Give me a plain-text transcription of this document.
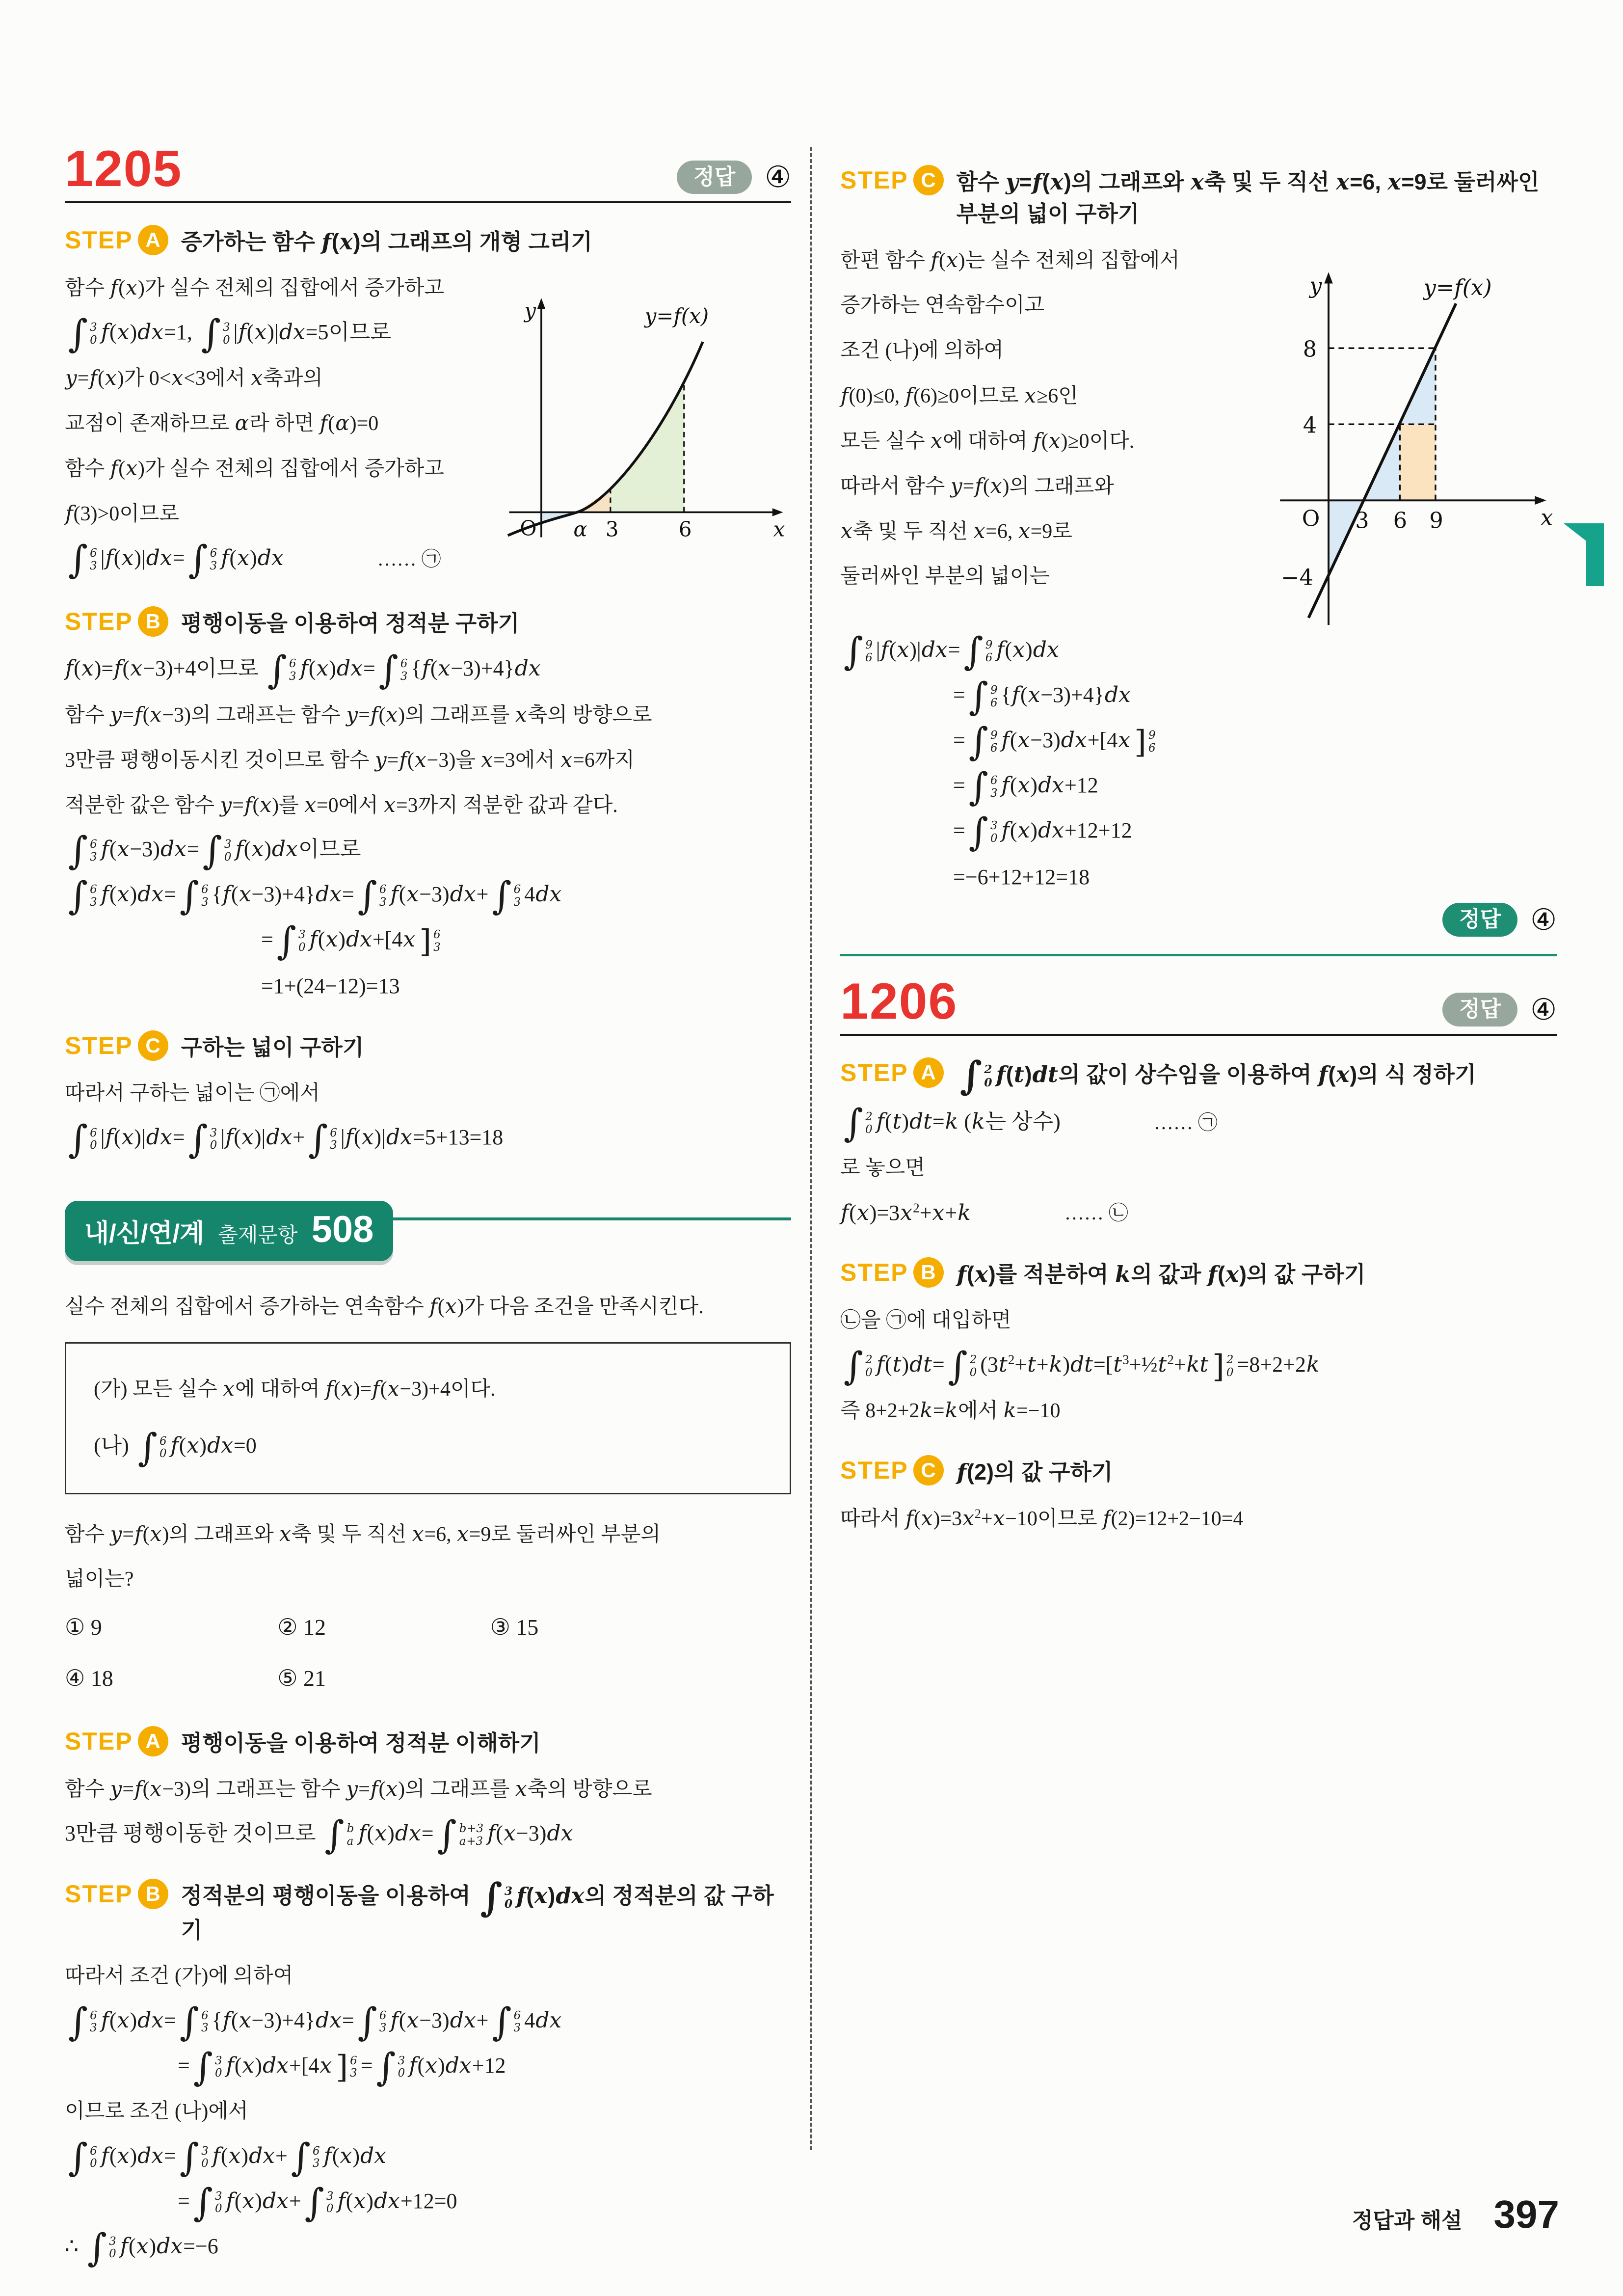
1205	정답	④
STEP A 증가하는 함수 f(x)의 그래프의 개형 그리기
함수 f(x)가 실수 전체의 집합에서 증가하고
∫ 3
0 f(x)dx=1, ∫ 3
0 |f(x)|dx=5이므로
y=f(x)가 0<x<3에서 x축과의
교점이 존재하므로 α라 하면 f(α)=0
함수 f(x)가 실수 전체의 집합에서 증가하고
f(3)>0이므로
∫ 6
3 |f(x)|dx= ∫ 6
3 f(x)dx	…… ㉠
y
x
O α 3	6
y=f(x)
STEP B 평행이동을 이용하여 정적분 구하기
f(x)=f(x−3)+4이므로 ∫ 6
3 f(x)dx= ∫ 6
3 {f(x−3)+4}dx
함수 y=f(x−3)의 그래프는 함수 y=f(x)의 그래프를 x축의 방향으로
3만큼 평행이동시킨 것이므로 함수 y=f(x−3)을 x=3에서 x=6까지
적분한 값은 함수 y=f(x)를 x=0에서 x=3까지 적분한 값과 같다.
∫ 6
3 f(x−3)dx= ∫ 3
0 f(x)dx이므로
∫ 6
3 f(x)dx= ∫ 6
3 {f(x−3)+4}dx= ∫ 6
3 f(x−3)dx+ ∫ 6
3 4dx
= ∫ 3
0 f(x)dx+[4x ] 6
3
=1+(24−12)=13
STEP C 구하는 넓이 구하기
따라서 구하는 넓이는 ㉠에서
∫ 6
0 |f(x)|dx= ∫ 3
0 |f(x)|dx+ ∫ 6
3 |f(x)|dx=5+13=18
내/신/연/계 출제문항 508
실수 전체의 집합에서 증가하는 연속함수 f(x)가 다음 조건을 만족시킨다.
(가) 모든 실수 x에 대하여 f(x)=f(x−3)+4이다.
(나) ∫ 6
0 f(x)dx=0
함수 y=f(x)의 그래프와 x축 및 두 직선 x=6, x=9로 둘러싸인 부분의
넓이는?
① 9	② 12	③ 15
④ 18	⑤ 21
STEP A 평행이동을 이용하여 정적분 이해하기
함수 y=f(x−3)의 그래프는 함수 y=f(x)의 그래프를 x축의 방향으로
3만큼 평행이동한 것이므로 ∫ b
a f(x)dx= ∫ b+3
a+3 f(x−3)dx
STEP B 정적분의 평행이동을 이용하여 ∫ 3
0 f(x)dx의 정적분의 값 구하기
따라서 조건 (가)에 의하여
∫ 6
3 f(x)dx= ∫ 6
3 {f(x−3)+4}dx= ∫ 6
3 f(x−3)dx+ ∫ 6
3 4dx
= ∫ 3
0 f(x)dx+[4x ] 6
3 = ∫ 3
0 f(x)dx+12
이므로 조건 (나)에서
∫ 6
0 f(x)dx= ∫ 3
0 f(x)dx+ ∫ 6
3 f(x)dx
= ∫ 3
0 f(x)dx+ ∫ 3
0 f(x)dx+12=0
∴ ∫ 3
0 f(x)dx=−6
STEP C 함수 y=f(x)의 그래프와 x축 및 두 직선 x=6, x=9로 둘러싸인 부분의 넓이 구하기
한편 함수 f(x)는 실수 전체의 집합에서
증가하는 연속함수이고
조건 (나)에 의하여
f(0)≤0, f(6)≥0이므로 x≥6인
모든 실수 x에 대하여 f(x)≥0이다.
따라서 함수 y=f(x)의 그래프와
x축 및 두 직선 x=6, x=9로
둘러싸인 부분의 넓이는
y
x
O 3 6 9
8
4
−4
y=f(x)
∫ 9
6 |f(x)|dx= ∫ 9
6 f(x)dx
= ∫ 9
6 {f(x−3)+4}dx
= ∫ 9
6 f(x−3)dx+[4x ] 9
6
= ∫ 6
3 f(x)dx+12
= ∫ 3
0 f(x)dx+12+12
=−6+12+12=18
정답	④
1206	정답	④
STEP A ∫ 2
0 f(t)dt의 값이 상수임을 이용하여 f(x)의 식 정하기
∫ 2
0 f(t)dt=k (k는 상수)	…… ㉠
로 놓으면
$f(x)=3x^2+x+k$	…… ㉡
STEP B f(x)를 적분하여 k의 값과 f(x)의 값 구하기
㉡을 ㉠에 대입하면
∫ 2
0 f(t)dt= ∫ 2
0 $(3t^2+t+k)dt=[t^3+\frac{1}{2}t^2+kt$ ] 2
0 =8+2+2k
즉 8+2+2k=k에서 k=−10
STEP C f(2)의 값 구하기
따라서 $f(x)=3x^2+x-10$이므로 f(2)=12+2−10=4
정답과 해설 397
